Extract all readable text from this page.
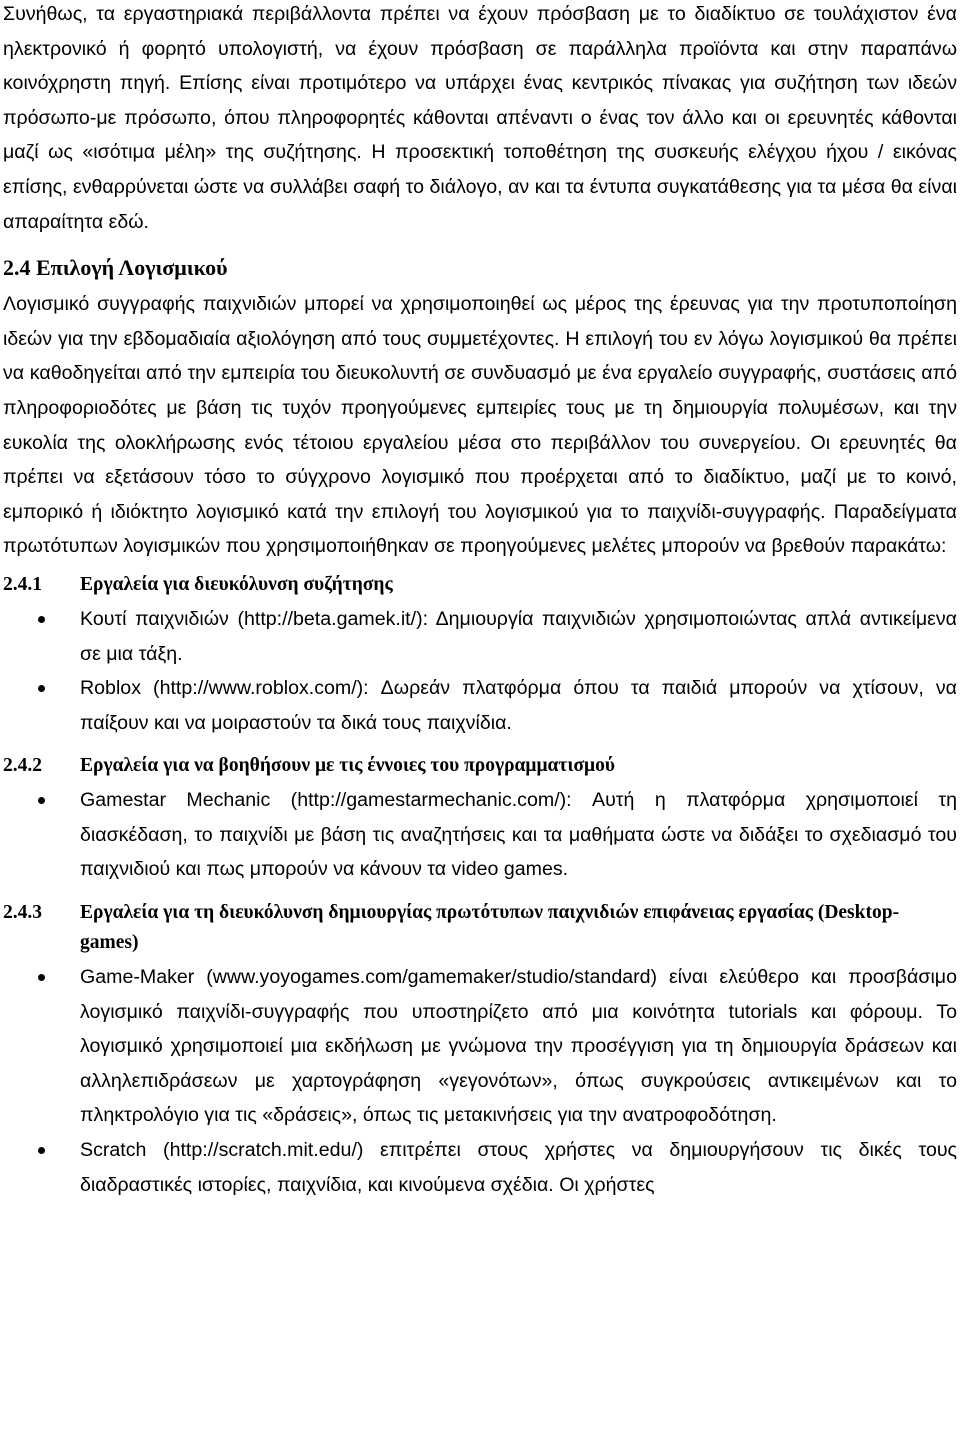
Συνήθως, τα εργαστηριακά περιβάλλοντα πρέπει να έχουν πρόσβαση με το διαδίκτυο σε τουλάχιστον ένα ηλεκτρονικό ή φορητό υπολογιστή, να έχουν πρόσβαση σε παράλληλα προϊόντα και στην παραπάνω κοινόχρηστη πηγή. Επίσης είναι προτιμότερο να υπάρχει ένας κεντρικός πίνακας για συζήτηση των ιδεών πρόσωπο-με πρόσωπο, όπου πληροφορητές κάθονται απέναντι ο ένας τον άλλο και οι ερευνητές κάθονται μαζί ως «ισότιμα μέλη» της συζήτησης. Η προσεκτική τοποθέτηση της συσκευής ελέγχου ήχου / εικόνας επίσης, ενθαρρύνεται ώστε να συλλάβει σαφή το διάλογο, αν και τα έντυπα συγκατάθεσης για τα μέσα θα είναι απαραίτητα εδώ.

2.4 Επιλογή Λογισμικού

Λογισμικό συγγραφής παιχνιδιών μπορεί να χρησιμοποιηθεί ως μέρος της έρευνας για την προτυποποίηση ιδεών για την εβδομαδιαία αξιολόγηση από τους συμμετέχοντες. Η επιλογή του εν λόγω λογισμικού θα πρέπει να καθοδηγείται από την εμπειρία του διευκολυντή σε συνδυασμό με ένα εργαλείο συγγραφής, συστάσεις από πληροφοριοδότες με βάση τις τυχόν προηγούμενες εμπειρίες τους με τη δημιουργία πολυμέσων, και την ευκολία της ολοκλήρωσης ενός τέτοιου εργαλείου μέσα στο περιβάλλον του συνεργείου. Οι ερευνητές θα πρέπει να εξετάσουν τόσο το σύγχρονο λογισμικό που προέρχεται από το διαδίκτυο, μαζί με το κοινό, εμπορικό ή ιδιόκτητο λογισμικό κατά την επιλογή του λογισμικού για το παιχνίδι-συγγραφής. Παραδείγματα πρωτότυπων λογισμικών που χρησιμοποιήθηκαν σε προηγούμενες μελέτες μπορούν να βρεθούν παρακάτω:

2.4.1	Εργαλεία για διευκόλυνση συζήτησης
Κουτί παιχνιδιών (http://beta.gamek.it/): Δημιουργία παιχνιδιών χρησιμοποιώντας απλά αντικείμενα σε μια τάξη.
Roblox (http://www.roblox.com/): Δωρεάν πλατφόρμα όπου τα παιδιά μπορούν να χτίσουν, να παίξουν και να μοιραστούν τα δικά τους παιχνίδια.
2.4.2	Εργαλεία για να βοηθήσουν με τις έννοιες του προγραμματισμού
Gamestar Mechanic (http://gamestarmechanic.com/): Αυτή η πλατφόρμα χρησιμοποιεί τη διασκέδαση, το παιχνίδι με βάση τις αναζητήσεις και τα μαθήματα ώστε να διδάξει το σχεδιασμό του παιχνιδιού και πως μπορούν να κάνουν τα video games.
2.4.3	Εργαλεία για τη διευκόλυνση δημιουργίας πρωτότυπων παιχνιδιών επιφάνειας εργασίας (Desktop-games)
Game-Maker (www.yoyogames.com/gamemaker/studio/standard) είναι ελεύθερο και προσβάσιμο λογισμικό παιχνίδι-συγγραφής που υποστηρίζετο από μια κοινότητα tutorials και φόρουμ. Το λογισμικό χρησιμοποιεί μια εκδήλωση με γνώμονα την προσέγγιση για τη δημιουργία δράσεων και αλληλεπιδράσεων με χαρτογράφηση «γεγονότων», όπως συγκρούσεις αντικειμένων και το πληκτρολόγιο για τις «δράσεις», όπως τις μετακινήσεις για την ανατροφοδότηση.
Scratch (http://scratch.mit.edu/) επιτρέπει στους χρήστες να δημιουργήσουν τις δικές τους διαδραστικές ιστορίες, παιχνίδια, και κινούμενα σχέδια. Οι χρήστες
